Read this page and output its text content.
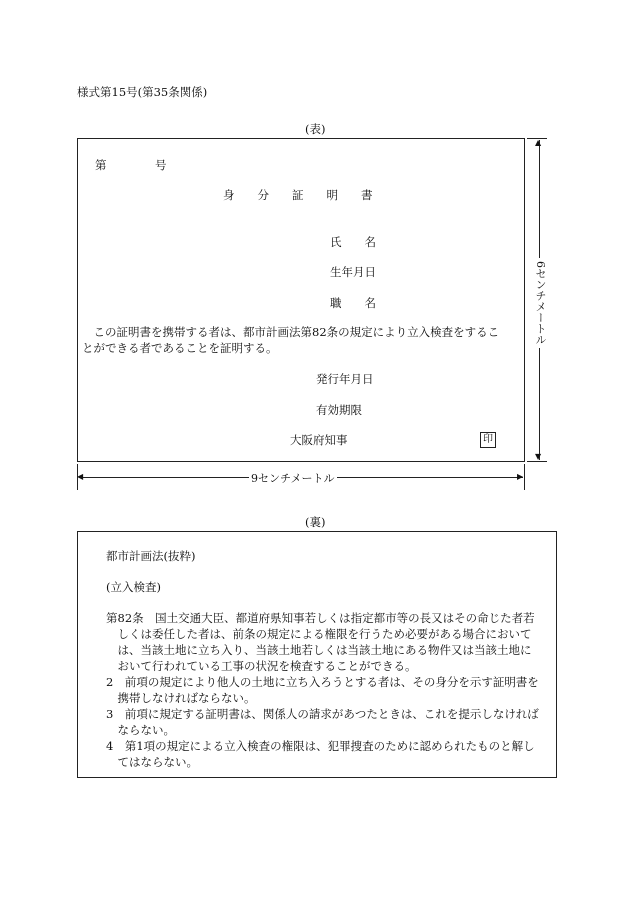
様式第15号(第35条関係)
(表)
第	号
身　　分　　証　　明　　書
氏　　名
生年月日
職　　名
　この証明書を携帯する者は、都市計画法第82条の規定により立入検査をするこ
とができる者であることを証明する。
発行年月日
有効期限
大阪府知事	印
▲
▼
6センチメートル
◀	▶
9センチメートル
(裏)
都市計画法(抜粋)
(立入検査)
第82条　国土交通大臣、都道府県知事若しくは指定都市等の長又はその命じた者若
　しくは委任した者は、前条の規定による権限を行うため必要がある場合において
　は、当該土地に立ち入り、当該土地若しくは当該土地にある物件又は当該土地に
　おいて行われている工事の状況を検査することができる。
2　前項の規定により他人の土地に立ち入ろうとする者は、その身分を示す証明書を
　携帯しなければならない。
3　前項に規定する証明書は、関係人の請求があつたときは、これを提示しなければ
　ならない。
4　第1項の規定による立入検査の権限は、犯罪捜査のために認められたものと解し
　てはならない。
